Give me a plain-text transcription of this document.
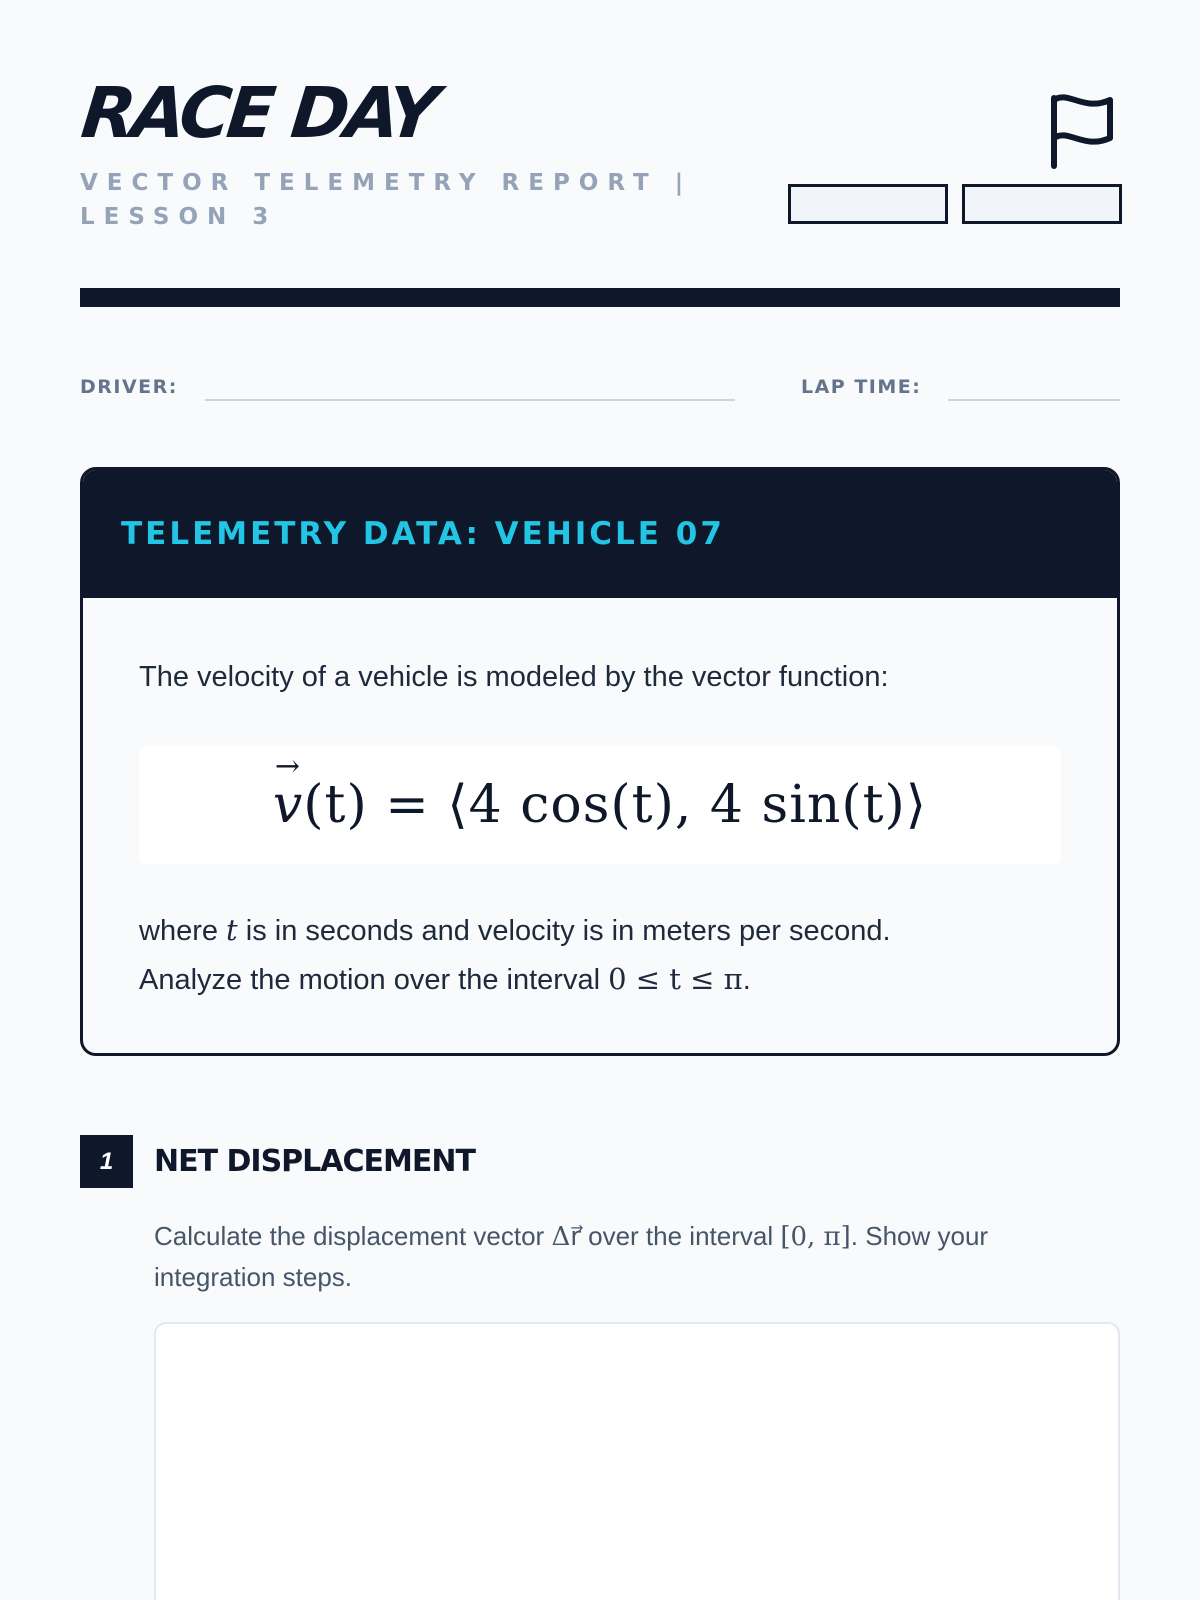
RACE DAY
VECTOR TELEMETRY REPORT | LESSON 3
DRIVER:	LAP TIME:
TELEMETRY DATA: VEHICLE 07

The velocity of a vehicle is modeled by the vector function:

→ v(t) = ⟨4 cos(t), 4 sin(t)⟩

where t is in seconds and velocity is in meters per second.
Analyze the motion over the interval 0 ≤ t ≤ π.

1	NET DISPLACEMENT

Calculate the displacement vector Δr⃗ over the interval [0, π]. Show your integration steps.
